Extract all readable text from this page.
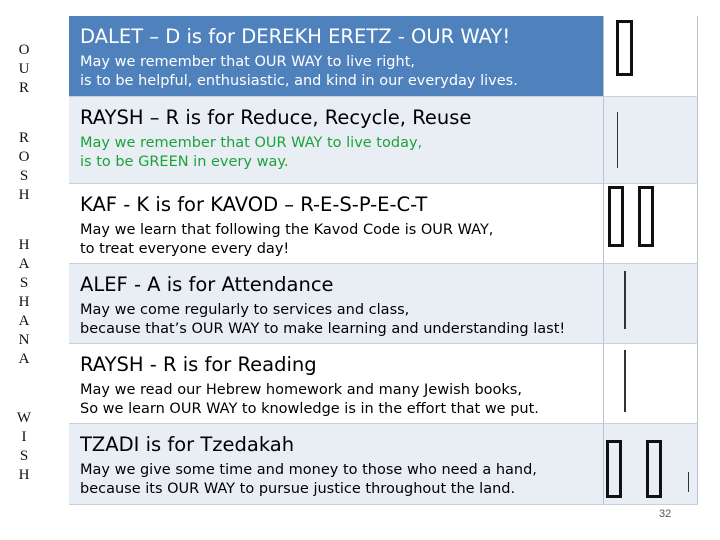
O
U
R
R
O
S
H
H
A
S
H
A
N
A
W
I
S
H
DALET – D is for DEREKH ERETZ - OUR WAY!
May we remember that OUR WAY to live right,
is to be helpful, enthusiastic, and kind in our everyday lives.	

RAYSH – R is for Reduce, Recycle, Reuse
May we remember that OUR WAY to live today,
is to be GREEN in every way.	

KAF - K is for KAVOD – R-E-S-P-E-C-T
May we learn that following the Kavod Code is OUR WAY,
to treat everyone every day!	

ALEF - A is for Attendance
May we come regularly to services and class,
because that’s OUR WAY to make learning and understanding last!	

RAYSH - R is for Reading
May we read our Hebrew homework and many Jewish books,
So we learn OUR WAY to knowledge is in the effort that we put.	

TZADI is for Tzedakah
May we give some time and money to those who need a hand,
because its OUR WAY to pursue justice throughout the land.	

32
